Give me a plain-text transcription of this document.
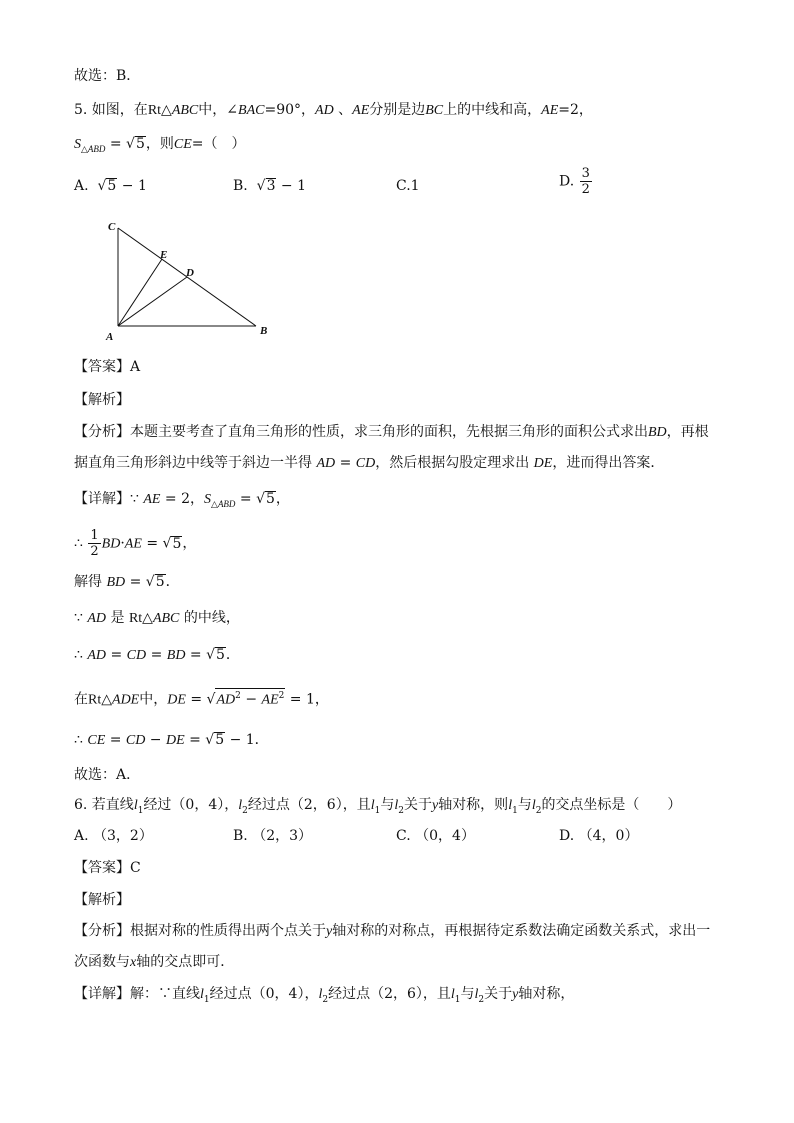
故选：B．
5. 如图，在Rt△ABC中，∠BAC=90°，AD 、AE分别是边BC上的中线和高，AE=2，
$S_{\triangle ABD} = √5$，则CE=（　）
A.  √5 − 1	B.  √3 − 1	C.1	D. $\frac{3}{2}$
C
E
D
A	B
【答案】A
【解析】
【分析】本题主要考查了直角三角形的性质，求三角形的面积，先根据三角形的面积公式求出BD，再根
据直角三角形斜边中线等于斜边一半得 AD = CD，然后根据勾股定理求出 DE，进而得出答案．
【详解】∵ AE = 2，$S_{\triangle ABD} = √5$，
∴ $\frac{1}{2} BD\cdot AE = √5$，
解得 BD = √5．
∵ AD 是 Rt△ABC 的中线，
∴ AD = CD = BD = √5．
在Rt△ADE中，DE = $√AD^2 - AE^2 = 1$，
∴ CE = CD − DE = √5 − 1．
故选：A．
6. 若直线$l_1$经过（0，4），$l_2$经过点（2，6），且$l_1$与$l_2$关于y轴对称，则$l_1$与$l_2$的交点坐标是（　　）
A. （3，2）	B. （2，3）	C. （0，4）	D. （4，0）
【答案】C
【解析】
【分析】根据对称的性质得出两个点关于y轴对称的对称点，再根据待定系数法确定函数关系式，求出一
次函数与x轴的交点即可．
【详解】解：∵直线$l_1$经过点（0，4），$l_2$经过点（2，6），且$l_1$与$l_2$关于y轴对称，
